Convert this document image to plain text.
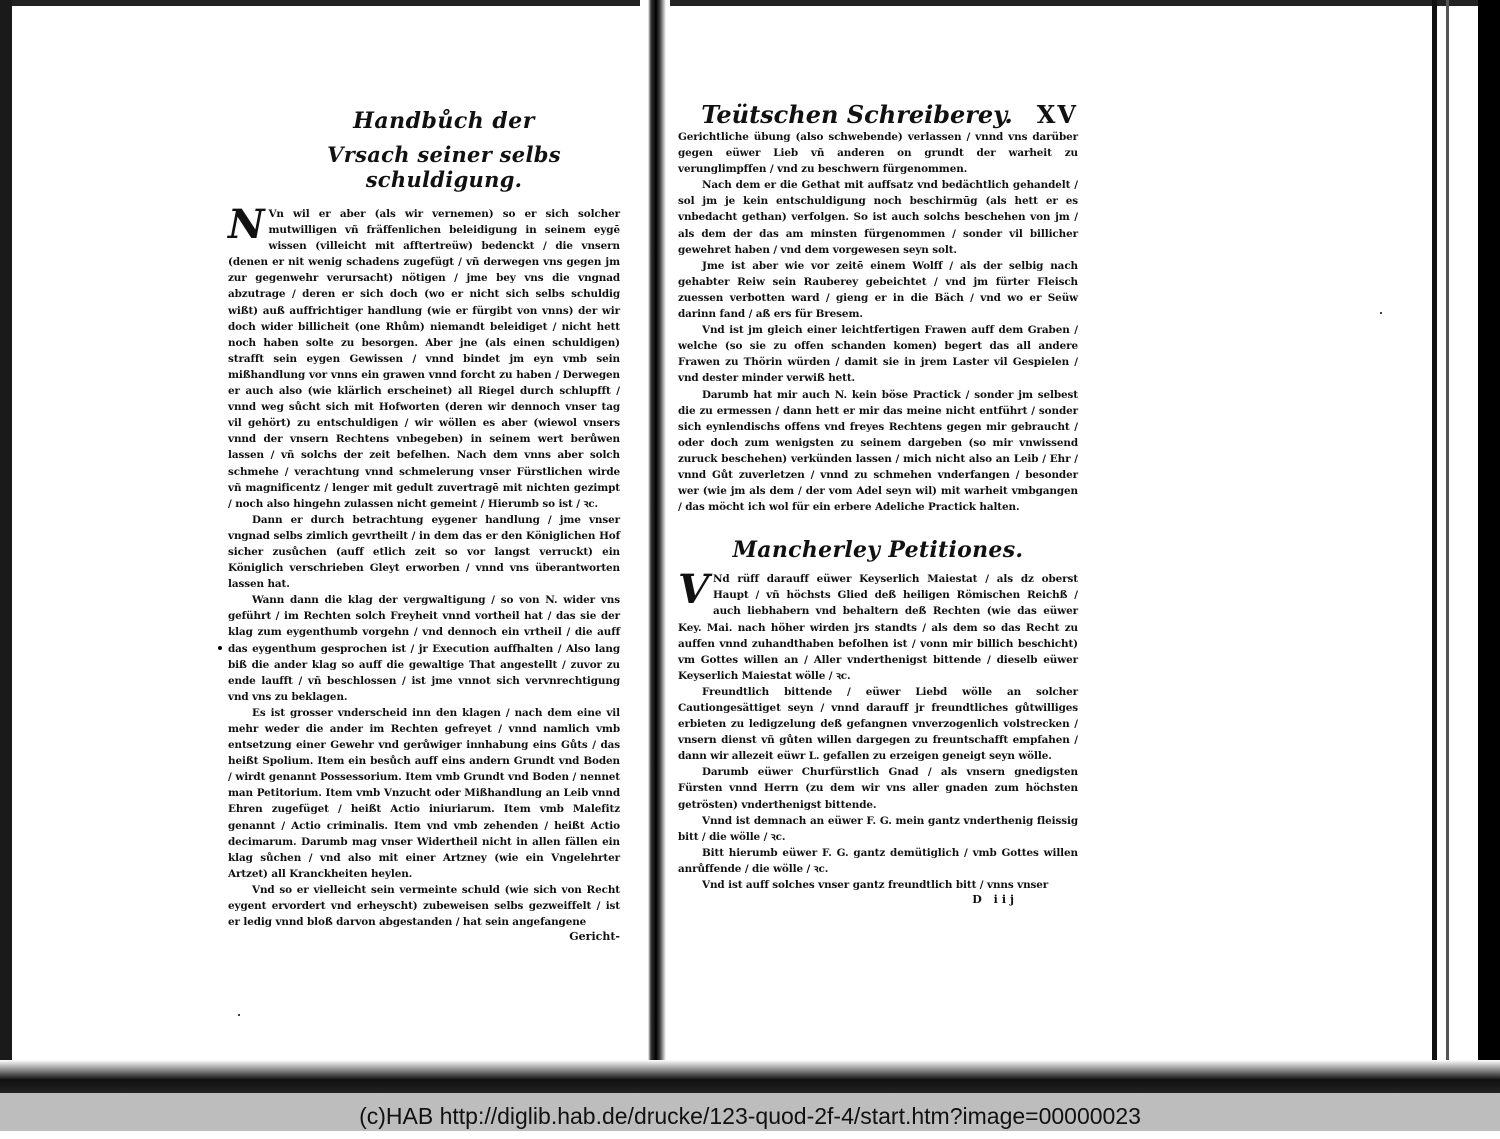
Handbůch der
Vrsach seiner selbs schuldigung.

NVn wil er aber (als wir vernemen) so er sich solcher mutwilligen vñ fräffenlichen beleidigung in seinem eygē wissen (villeicht mit afftertreüw) bedenckt / die vnsern (denen er nit wenig schadens zugefügt / vñ derwegen vns gegen jm zur gegenwehr verursacht) nötigen / jme bey vns die vngnad abzutrage / deren er sich doch (wo er nicht sich selbs schuldig wißt) auß auffrichtiger handlung (wie er fürgibt von vnns) der wir doch wider billicheit (one Rhům) niemandt beleidiget / nicht hett noch haben solte zu besorgen. Aber jne (als einen schuldigen) strafft sein eygen Gewissen / vnnd bindet jm eyn vmb sein mißhandlung vor vnns ein grawen vnnd forcht zu haben / Derwegen er auch also (wie klärlich erscheinet) all Riegel durch schlupfft / vnnd weg sůcht sich mit Hofworten (deren wir dennoch vnser tag vil gehört) zu entschuldigen / wir wöllen es aber (wiewol vnsers vnnd der vnsern Rechtens vnbegeben) in seinem wert berůwen lassen / vñ solchs der zeit befelhen. Nach dem vnns aber solch schmehe / verachtung vnnd schmelerung vnser Fürstlichen wirde vñ magnificentz / lenger mit gedult zuvertragē mit nichten gezimpt / noch also hingehn zulassen nicht gemeint / Hierumb so ist / ꝛc.

Dann er durch betrachtung eygener handlung / jme vnser vngnad selbs zimlich gevrtheilt / in dem das er den Königlichen Hof sicher zusůchen (auff etlich zeit so vor langst verruckt) ein Königlich verschrieben Gleyt erworben / vnnd vns überantworten lassen hat.

Wann dann die klag der vergwaltigung / so von N. wider vns geführt / im Rechten solch Freyheit vnnd vortheil hat / das sie der klag zum eygenthumb vorgehn / vnd dennoch ein vrtheil / die auff das eygenthum gesprochen ist / jr Execution auffhalten / Also lang biß die ander klag so auff die gewaltige That angestellt / zuvor zu ende laufft / vñ beschlossen / ist jme vnnot sich vervnrechtigung vnd vns zu beklagen.

Es ist grosser vnderscheid inn den klagen / nach dem eine vil mehr weder die ander im Rechten gefreyet / vnnd namlich vmb entsetzung einer Gewehr vnd gerůwiger innhabung eins Gůts / das heißt Spolium. Item ein besůch auff eins andern Grundt vnd Boden / wirdt genannt Possessorium. Item vmb Grundt vnd Boden / nennet man Petitorium. Item vmb Vnzucht oder Mißhandlung an Leib vnnd Ehren zugefüget / heißt Actio iniuriarum. Item vmb Malefitz genannt / Actio criminalis. Item vnd vmb zehenden / heißt Actio decimarum. Darumb mag vnser Widertheil nicht in allen fällen ein klag sůchen / vnd also mit einer Artzney (wie ein Vngelehrter Artzet) all Kranckheiten heylen.

Vnd so er vielleicht sein vermeinte schuld (wie sich von Recht eygent ervordert vnd erheyscht) zubeweisen selbs gezweiffelt / ist er ledig vnnd bloß darvon abgestanden / hat sein angefangene

Gericht-
Teütschen Schreiberey. XV

Gerichtliche übung (also schwebende) verlassen / vnnd vns darüber gegen eüwer Lieb vñ anderen on grundt der warheit zu verunglimpffen / vnd zu beschwern fürgenommen.

Nach dem er die Gethat mit auffsatz vnd bedächtlich gehandelt / sol jm je kein entschuldigung noch beschirmūg (als hett er es vnbedacht gethan) verfolgen. So ist auch solchs beschehen von jm / als dem der das am minsten fürgenommen / sonder vil billicher gewehret haben / vnd dem vorgewesen seyn solt.

Jme ist aber wie vor zeitē einem Wolff / als der selbig nach gehabter Reiw sein Rauberey gebeichtet / vnd jm fürter Fleisch zuessen verbotten ward / gieng er in die Bäch / vnd wo er Seüw darinn fand / aß ers für Bresem.

Vnd ist jm gleich einer leichtfertigen Frawen auff dem Graben / welche (so sie zu offen schanden komen) begert das all andere Frawen zu Thörin würden / damit sie in jrem Laster vil Gespielen / vnd dester minder verwiß hett.

Darumb hat mir auch N. kein böse Practick / sonder jm selbest die zu ermessen / dann hett er mir das meine nicht entführt / sonder sich eynlendischs offens vnd freyes Rechtens gegen mir gebraucht / oder doch zum wenigsten zu seinem dargeben (so mir vnwissend zuruck beschehen) verkünden lassen / mich nicht also an Leib / Ehr / vnnd Gůt zuverletzen / vnnd zu schmehen vnderfangen / besonder wer (wie jm als dem / der vom Adel seyn wil) mit warheit vmbgangen / das möcht ich wol für ein erbere Adeliche Practick halten.

Mancherley Petitiones.

VNd rüff darauff eüwer Keyserlich Maiestat / als dz oberst Haupt / vñ höchsts Glied deß heiligen Römischen Reichß / auch liebhabern vnd behaltern deß Rechten (wie das eüwer Key. Mai. nach höher wirden jrs standts / als dem so das Recht zu auffen vnnd zuhandthaben befolhen ist / vonn mir billich beschicht) vm Gottes willen an / Aller vnderthenigst bittende / dieselb eüwer Keyserlich Maiestat wölle / ꝛc.

Freundtlich bittende / eüwer Liebd wölle an solcher Cautiongesättiget seyn / vnnd darauff jr freundtliches gůtwilliges erbieten zu ledigzelung deß gefangnen vnverzogenlich volstrecken / vnsern dienst vñ gůten willen dargegen zu freuntschafft empfahen / dann wir allezeit eüwr L. gefallen zu erzeigen geneigt seyn wölle.

Darumb eüwer Churfürstlich Gnad / als vnsern gnedigsten Fürsten vnnd Herrn (zu dem wir vns aller gnaden zum höchsten getrösten) vnderthenigst bittende.

Vnnd ist demnach an eüwer F. G. mein gantz vnderthenig fleissig bitt / die wölle / ꝛc.

Bitt hierumb eüwer F. G. gantz demütiglich / vmb Gottes willen anrůffende / die wölle / ꝛc.

Vnd ist auff solches vnser gantz freundtlich bitt / vnns vnser

D iij
(c)HAB http://diglib.hab.de/drucke/123-quod-2f-4/start.htm?image=00000023
